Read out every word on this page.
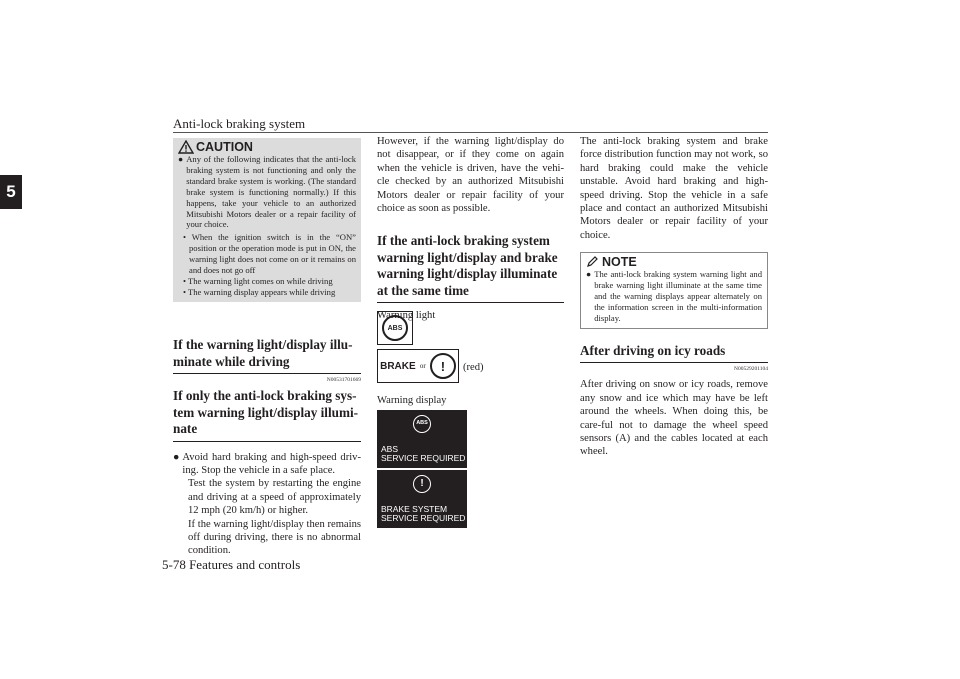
Anti-lock braking system
5
5-78 Features and controls
CAUTION
● Any of the following indicates that the anti-lock braking system is not functioning and only the standard brake system is working. (The standard brake system is functioning normally.) If this happens, take your vehicle to an authorized Mitsubishi Motors dealer or a repair facility of your choice.
• When the ignition switch is in the “ON” position or the operation mode is put in ON, the warning light does not come on or it remains on and does not go off
• The warning light comes on while driving
• The warning display appears while driving
If the warning light/display illu-minate while driving
N00531701669
If only the anti-lock braking sys-tem warning light/display illumi-nate
● Avoid hard braking and high-speed driv-ing. Stop the vehicle in a safe place.
Test the system by restarting the engine and driving at a speed of approximately 12 mph (20 km/h) or higher.
If the warning light/display then remains off during driving, there is no abnormal condition.
However, if the warning light/display do not disappear, or if they come on again when the vehicle is driven, have the vehi-cle checked by an authorized Mitsubishi Motors dealer or repair facility of your choice as soon as possible.
If the anti-lock braking system warning light/display and brake warning light/display illuminate at the same time
Warning light
ABS
BRAKE or ! (red)
Warning display
ABS
ABS
SERVICE REQUIRED
!
BRAKE SYSTEM
SERVICE REQUIRED
The anti-lock braking system and brake force distribution function may not work, so hard braking could make the vehicle unstable. Avoid hard braking and high-speed driving. Stop the vehicle in a safe place and contact an authorized Mitsubishi Motors dealer or repair facility of your choice.
NOTE
● The anti-lock braking system warning light and brake warning light illuminate at the same time and the warning displays appear alternately on the information screen in the multi-information display.
After driving on icy roads
N00529201104
After driving on snow or icy roads, remove any snow and ice which may have be left around the wheels. When doing this, be care-ful not to damage the wheel speed sensors (A) and the cables located at each wheel.
